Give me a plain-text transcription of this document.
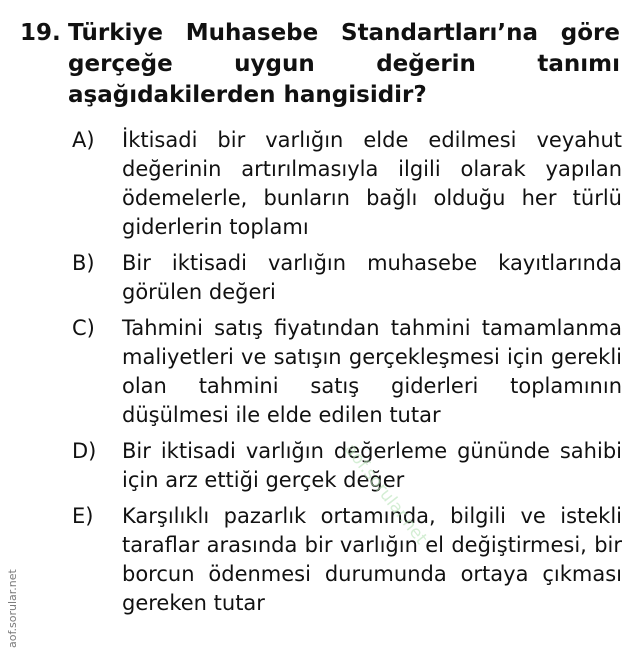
19. Türkiye Muhasebe Standartları’na göre gerçeğe uygun değerin tanımı aşağıdakilerden hangisidir?
A)	İktisadi bir varlığın elde edilmesi veyahut değerinin artırılmasıyla ilgili olarak yapılan ödemelerle, bunların bağlı olduğu her türlü giderlerin toplamı
B)	Bir iktisadi varlığın muhasebe kayıtlarında görülen değeri
C)	Tahmini satış fiyatından tahmini tamamlanma maliyetleri ve satışın gerçekleşmesi için gerekli olan tahmini satış giderleri toplamının düşülmesi ile elde edilen tutar
D)	Bir iktisadi varlığın değerleme gününde sahibi için arz ettiği gerçek değer
E)	Karşılıklı pazarlık ortamında, bilgili ve istekli taraflar arasında bir varlığın el değiştirmesi, bir borcun ödenmesi durumunda ortaya çıkması gereken tutar
aof.sorular.net
aof.sorular.net
